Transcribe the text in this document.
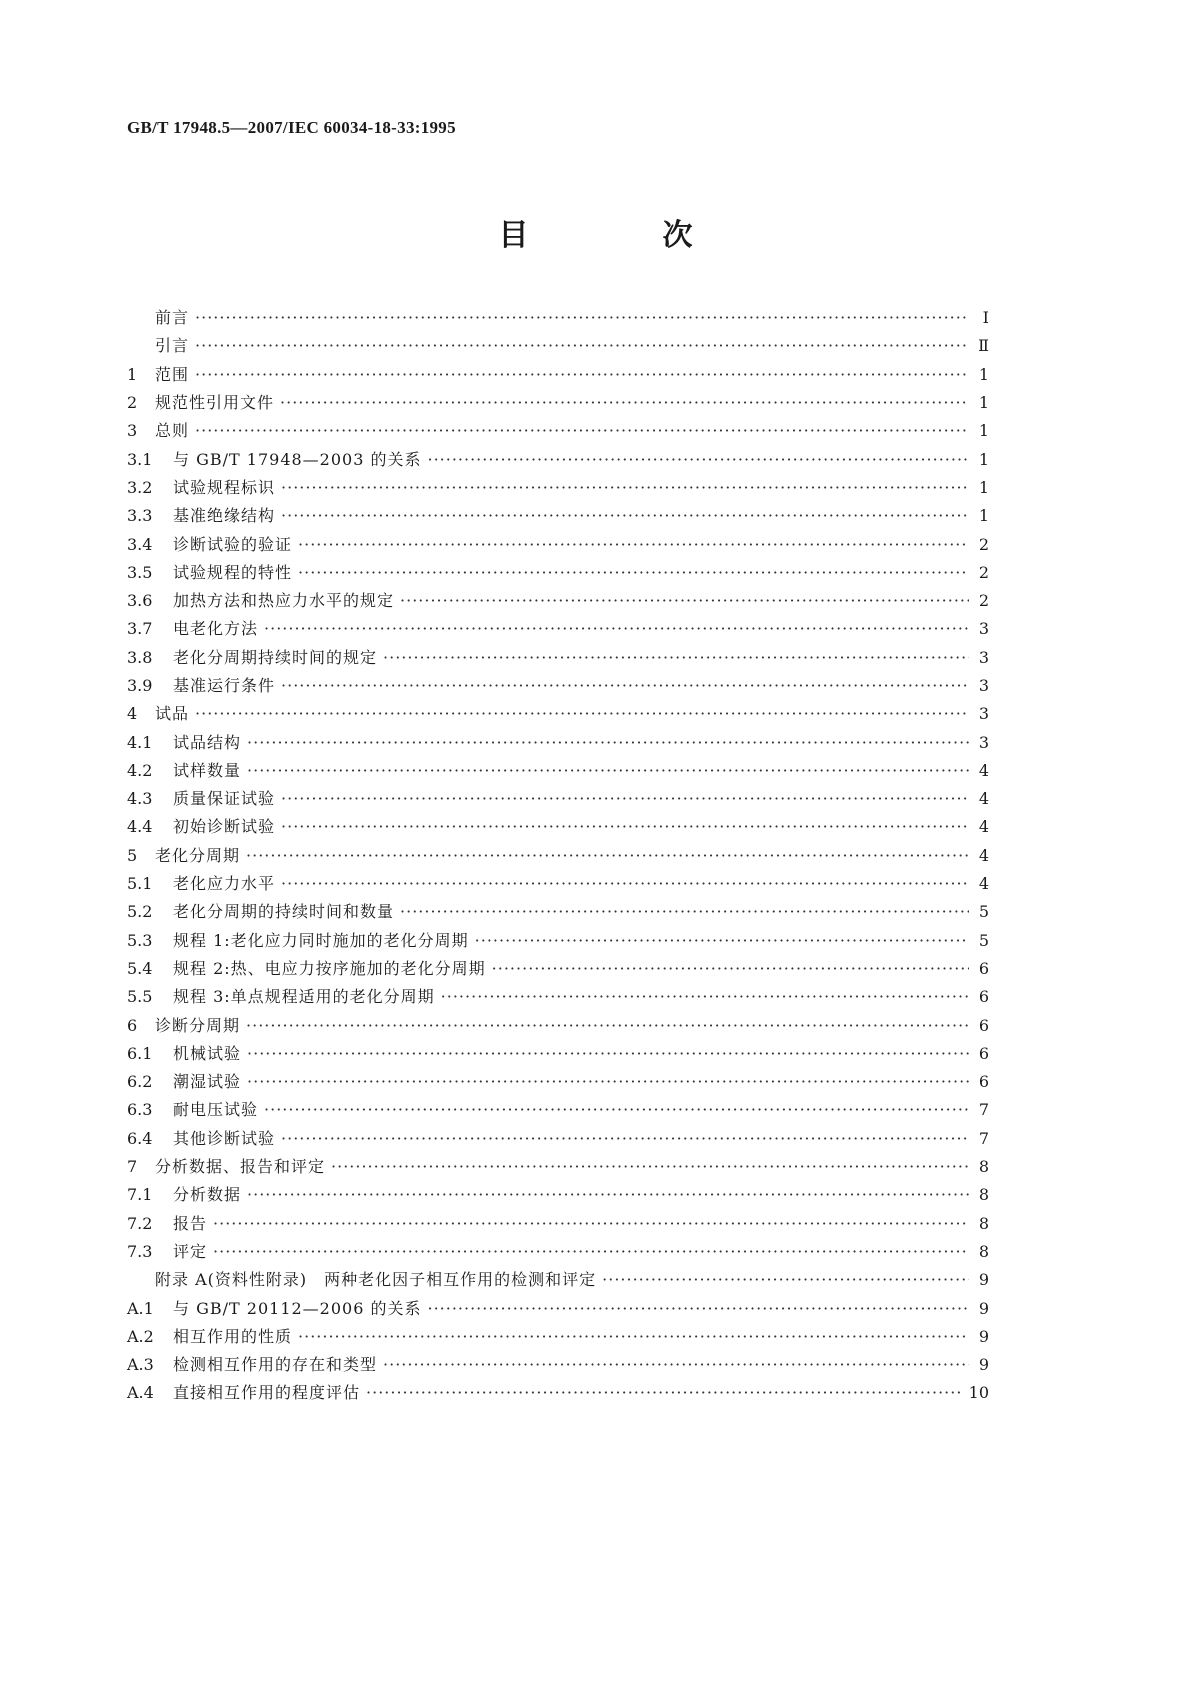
GB/T 17948.5—2007/IEC 60034-18-33:1995
目　次
前言 ·····	Ⅰ
引言 ·····	Ⅱ
1	范围 ·····	1
2	规范性引用文件 ·····	1
3	总则 ·····	1
3.1	与 GB/T 17948—2003 的关系 ·····	1
3.2	试验规程标识 ·····	1
3.3	基准绝缘结构 ·····	1
3.4	诊断试验的验证 ·····	2
3.5	试验规程的特性 ·····	2
3.6	加热方法和热应力水平的规定 ·····	2
3.7	电老化方法 ·····	3
3.8	老化分周期持续时间的规定 ·····	3
3.9	基准运行条件 ·····	3
4	试品 ·····	3
4.1	试品结构 ·····	3
4.2	试样数量 ·····	4
4.3	质量保证试验 ·····	4
4.4	初始诊断试验 ·····	4
5	老化分周期 ·····	4
5.1	老化应力水平 ·····	4
5.2	老化分周期的持续时间和数量 ·····	5
5.3	规程 1:老化应力同时施加的老化分周期 ·····	5
5.4	规程 2:热、电应力按序施加的老化分周期 ·····	6
5.5	规程 3:单点规程适用的老化分周期 ·····	6
6	诊断分周期 ·····	6
6.1	机械试验 ·····	6
6.2	潮湿试验 ·····	6
6.3	耐电压试验 ·····	7
6.4	其他诊断试验 ·····	7
7	分析数据、报告和评定 ·····	8
7.1	分析数据 ·····	8
7.2	报告 ·····	8
7.3	评定 ·····	8
附录 A(资料性附录)　两种老化因子相互作用的检测和评定 ·····	9
A.1	与 GB/T 20112—2006 的关系 ·····	9
A.2	相互作用的性质 ·····	9
A.3	检测相互作用的存在和类型 ·····	9
A.4	直接相互作用的程度评估 ·····	10
